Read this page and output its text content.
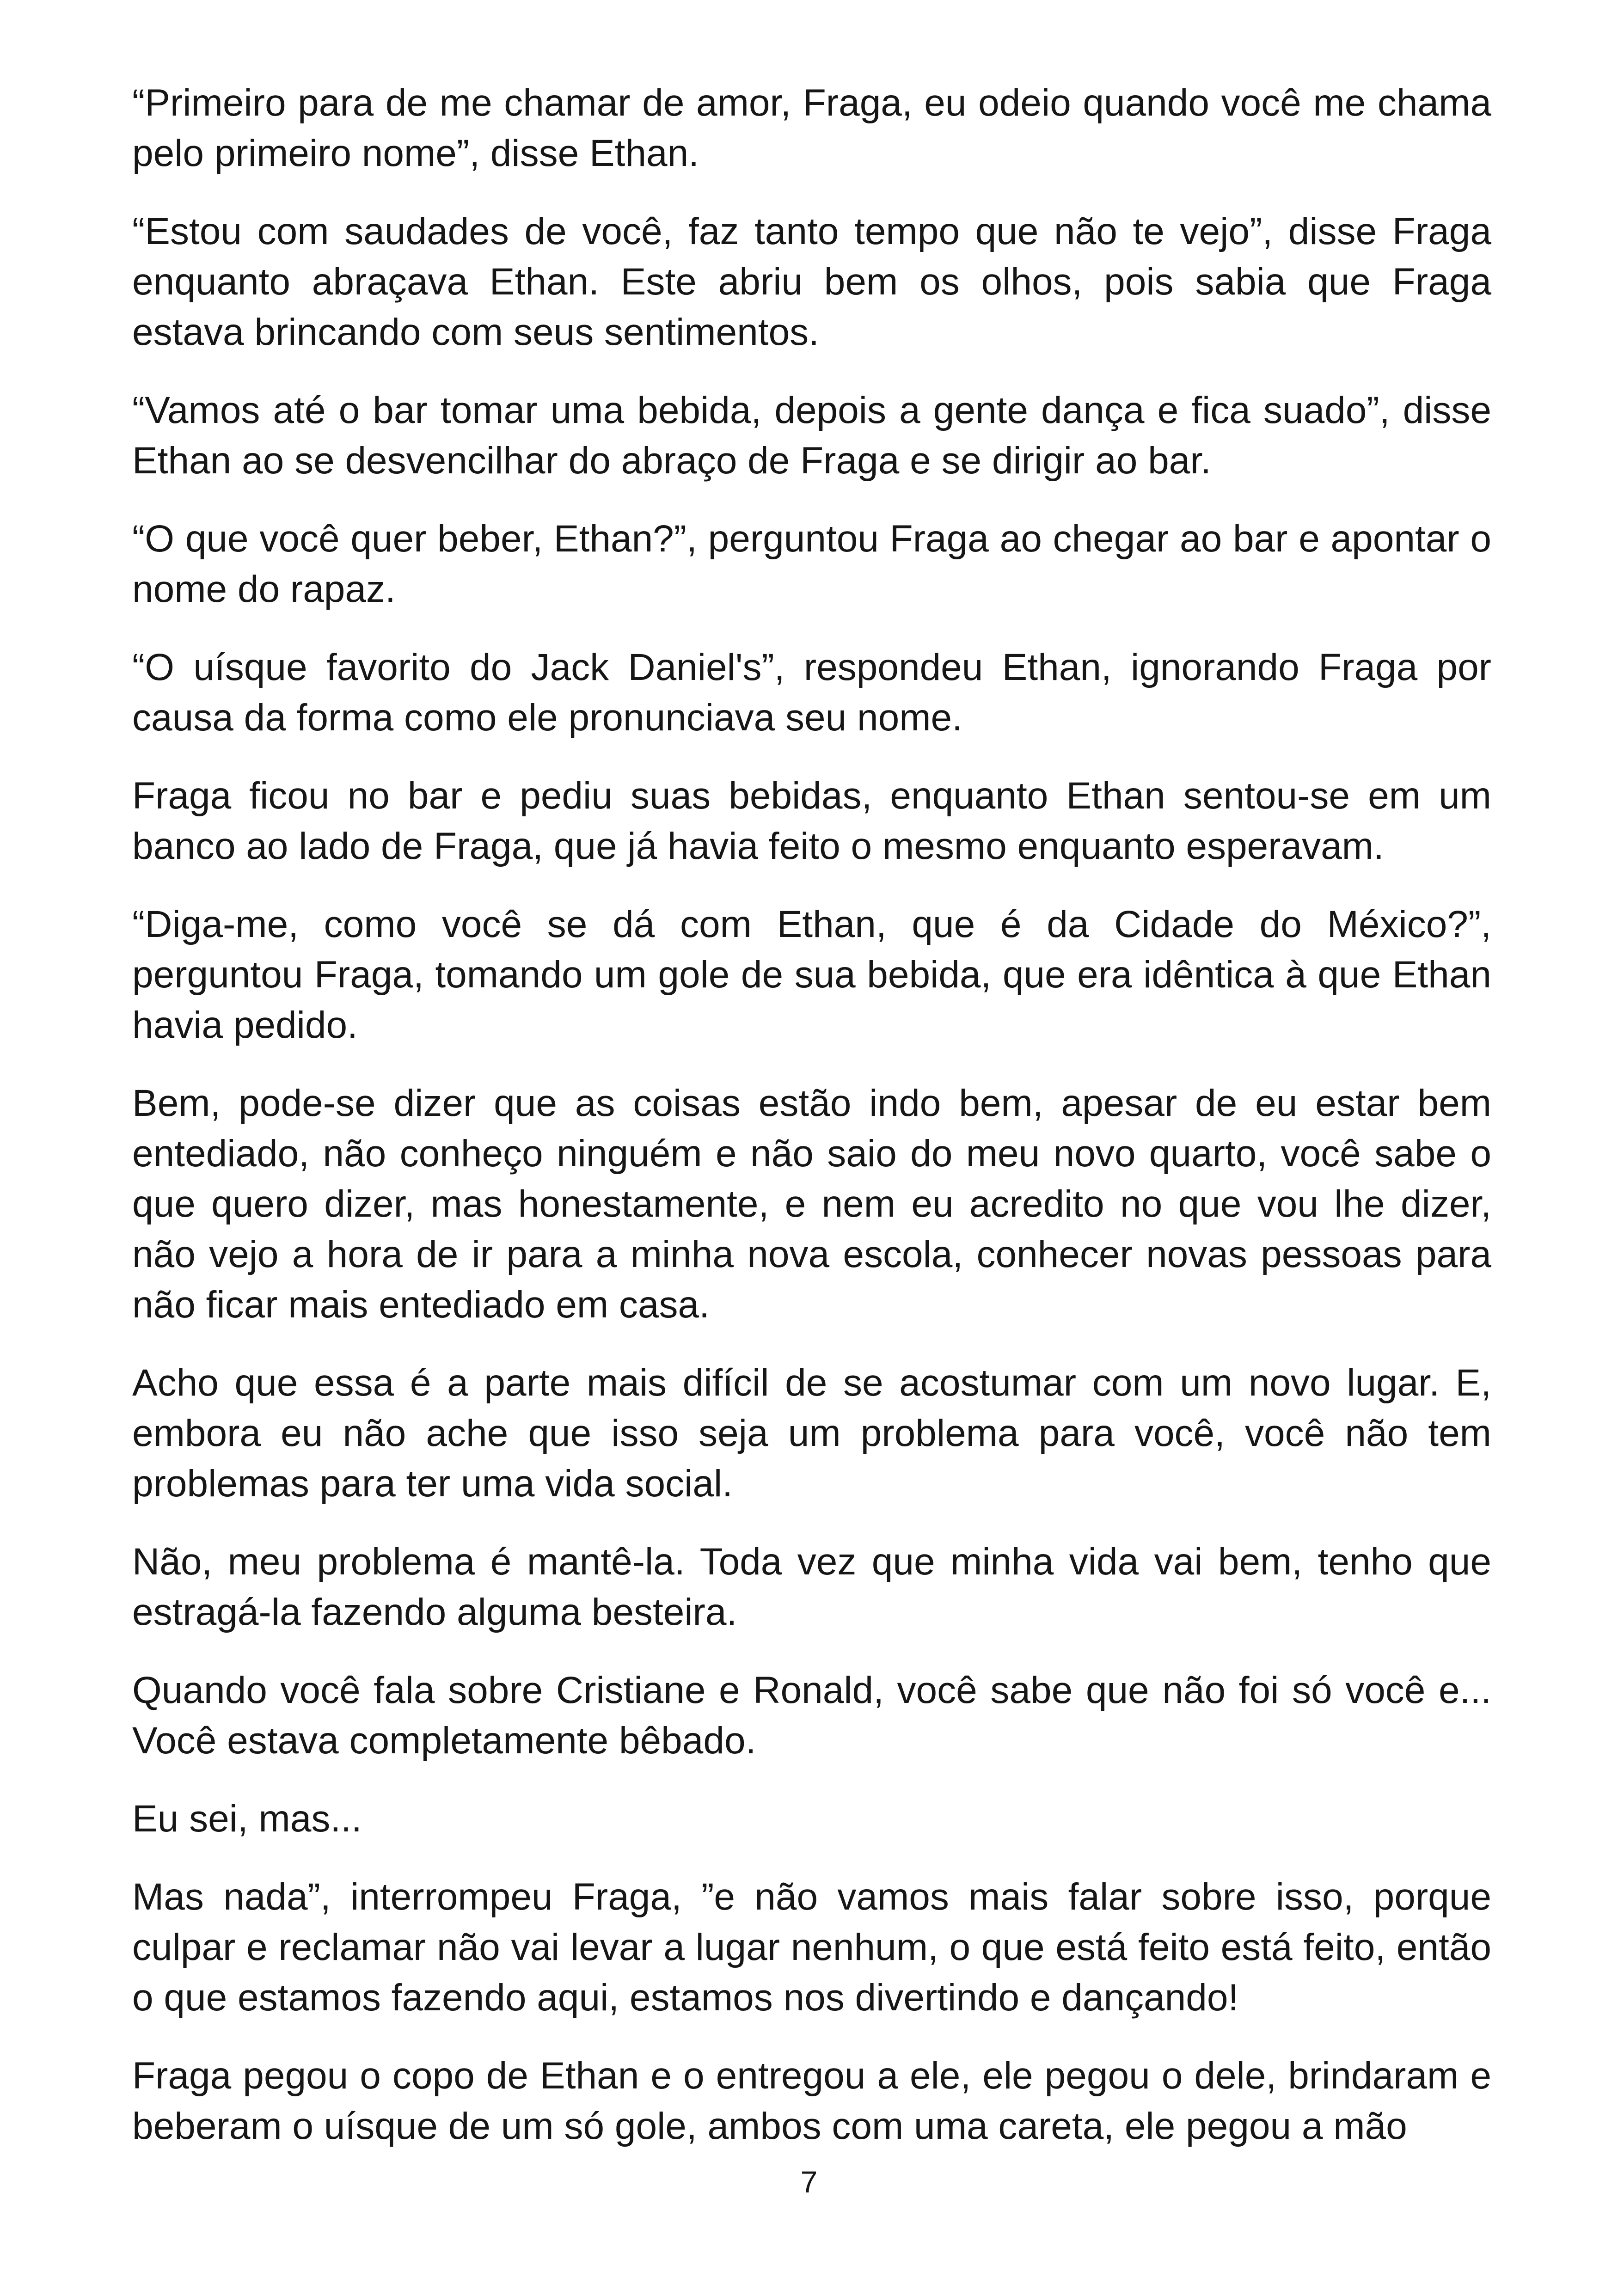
“Primeiro para de me chamar de amor, Fraga, eu odeio quando você me chama pelo primeiro nome”, disse Ethan.

“Estou com saudades de você, faz tanto tempo que não te vejo”, disse Fraga enquanto abraçava Ethan. Este abriu bem os olhos, pois sabia que Fraga estava brincando com seus sentimentos.

“Vamos até o bar tomar uma bebida, depois a gente dança e fica suado”, disse Ethan ao se desvencilhar do abraço de Fraga e se dirigir ao bar.

“O que você quer beber, Ethan?”, perguntou Fraga ao chegar ao bar e apontar o nome do rapaz.

“O uísque favorito do Jack Daniel's”, respondeu Ethan, ignorando Fraga por causa da forma como ele pronunciava seu nome.

Fraga ficou no bar e pediu suas bebidas, enquanto Ethan sentou-se em um banco ao lado de Fraga, que já havia feito o mesmo enquanto esperavam.

“Diga-me, como você se dá com Ethan, que é da Cidade do México?”, perguntou Fraga, tomando um gole de sua bebida, que era idêntica à que Ethan havia pedido.

Bem, pode-se dizer que as coisas estão indo bem, apesar de eu estar bem entediado, não conheço ninguém e não saio do meu novo quarto, você sabe o que quero dizer, mas honestamente, e nem eu acredito no que vou lhe dizer, não vejo a hora de ir para a minha nova escola, conhecer novas pessoas para não ficar mais entediado em casa.

Acho que essa é a parte mais difícil de se acostumar com um novo lugar. E, embora eu não ache que isso seja um problema para você, você não tem problemas para ter uma vida social.

Não, meu problema é mantê-la. Toda vez que minha vida vai bem, tenho que estragá-la fazendo alguma besteira.

Quando você fala sobre Cristiane e Ronald, você sabe que não foi só você e... Você estava completamente bêbado.

Eu sei, mas...

Mas nada”, interrompeu Fraga, ”e não vamos mais falar sobre isso, porque culpar e reclamar não vai levar a lugar nenhum, o que está feito está feito, então o que estamos fazendo aqui, estamos nos divertindo e dançando!

Fraga pegou o copo de Ethan e o entregou a ele, ele pegou o dele, brindaram e beberam o uísque de um só gole, ambos com uma careta, ele pegou a mão

7
